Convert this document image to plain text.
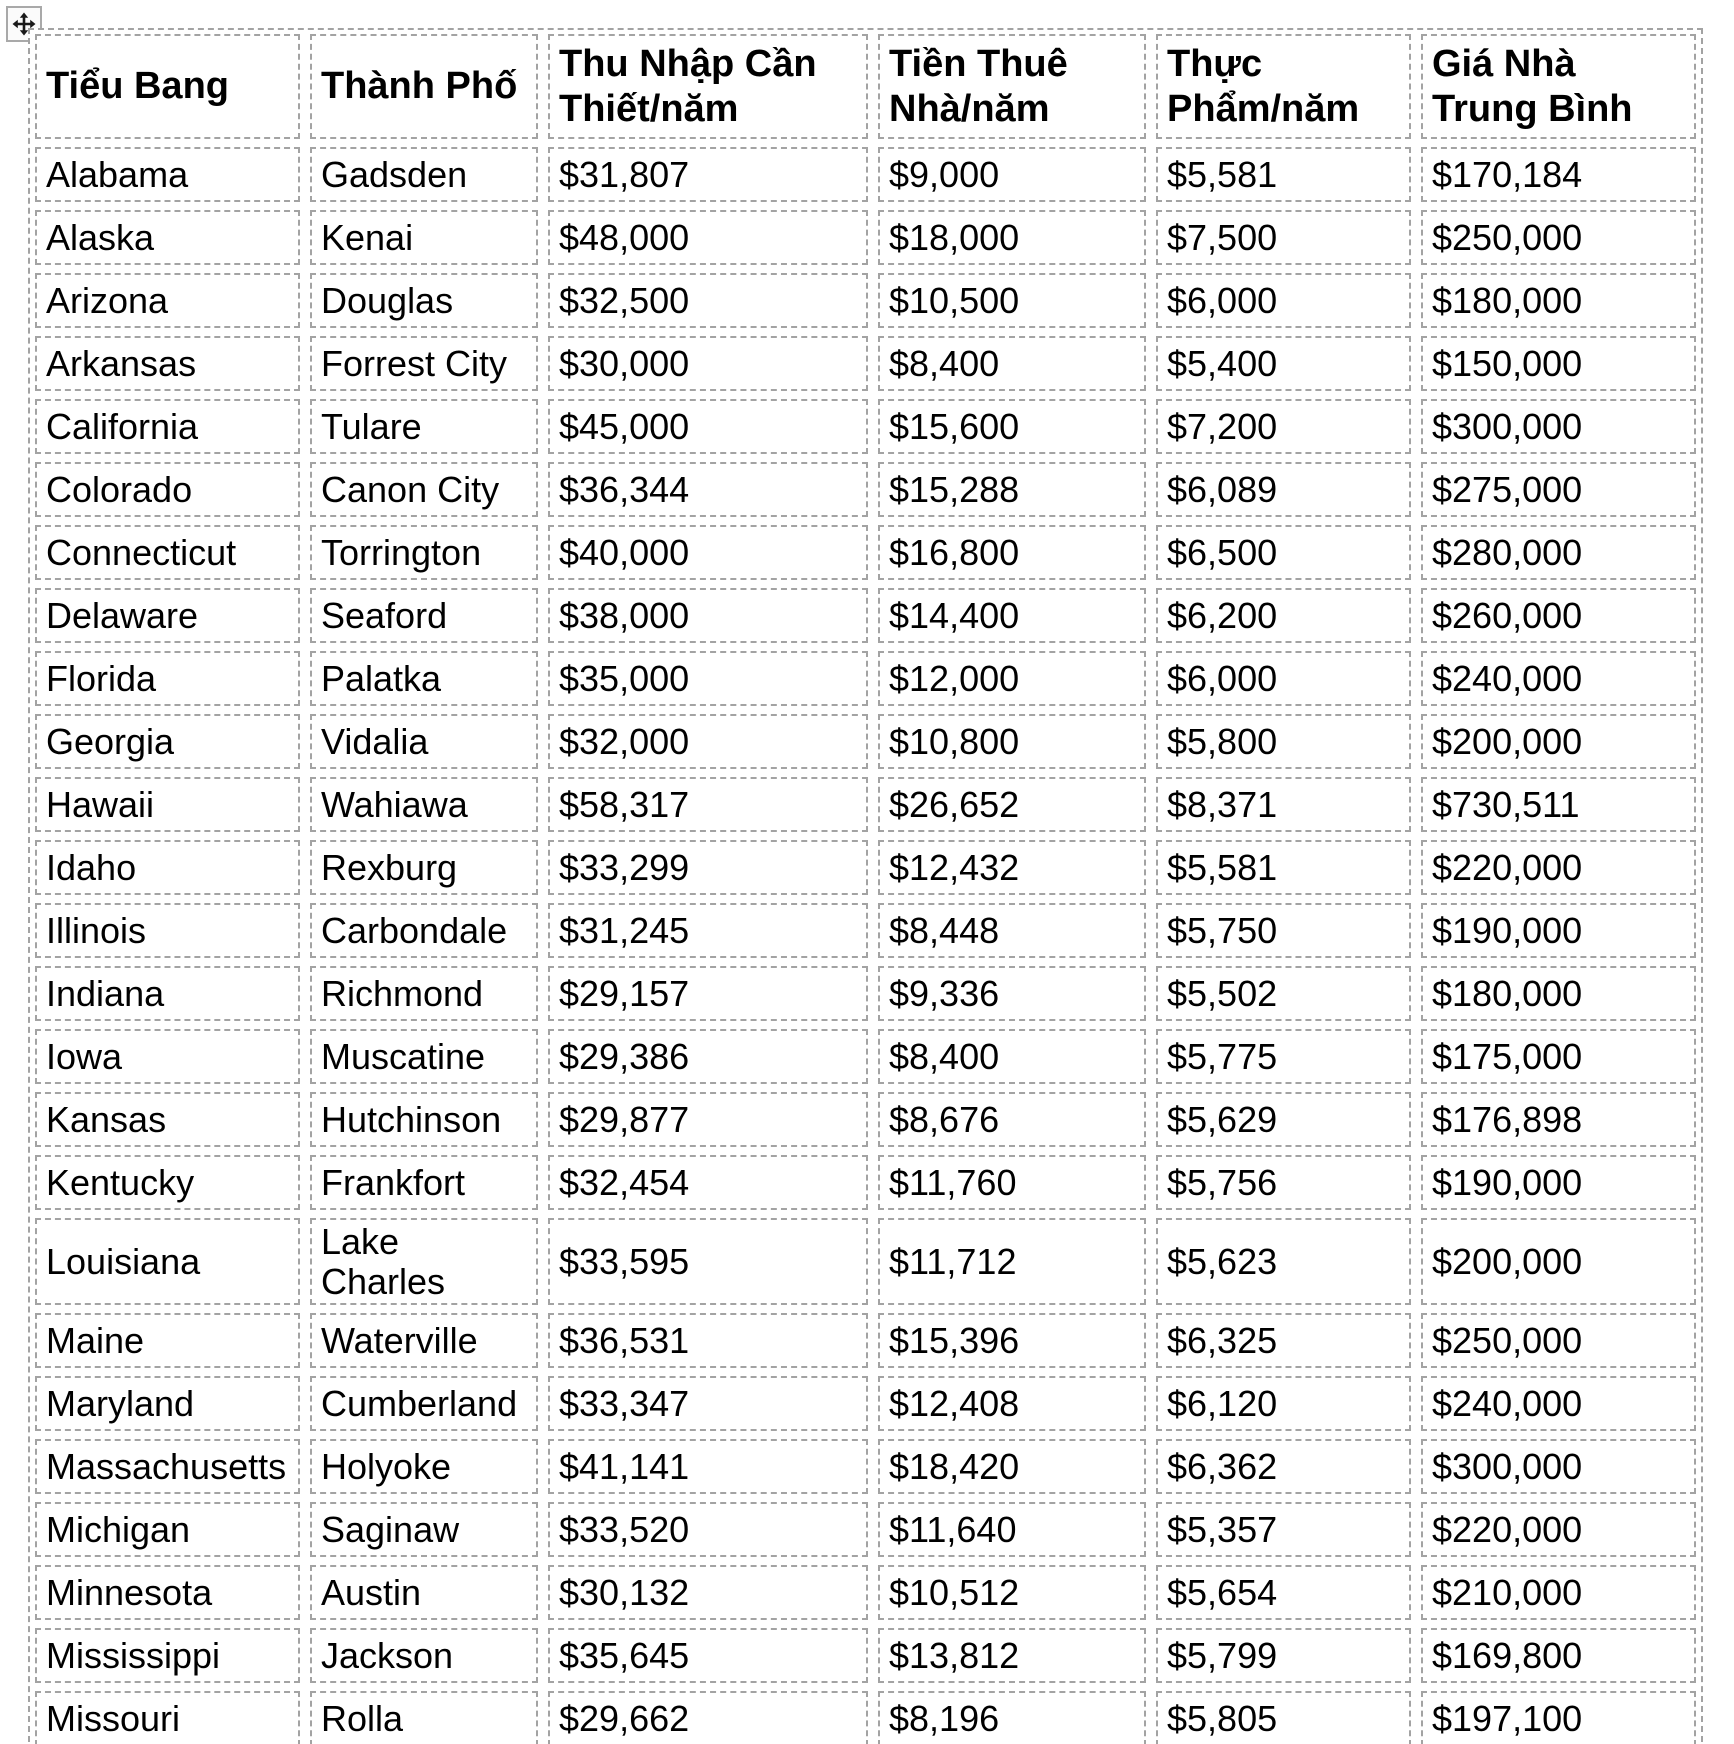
Tiểu Bang	Thành Phố	Thu Nhập Cần Thiết/năm	Tiền Thuê Nhà/năm	Thực Phẩm/năm	Giá Nhà Trung Bình
Alabama	Gadsden	$31,807	$9,000	$5,581	$170,184
Alaska	Kenai	$48,000	$18,000	$7,500	$250,000
Arizona	Douglas	$32,500	$10,500	$6,000	$180,000
Arkansas	Forrest City	$30,000	$8,400	$5,400	$150,000
California	Tulare	$45,000	$15,600	$7,200	$300,000
Colorado	Canon City	$36,344	$15,288	$6,089	$275,000
Connecticut	Torrington	$40,000	$16,800	$6,500	$280,000
Delaware	Seaford	$38,000	$14,400	$6,200	$260,000
Florida	Palatka	$35,000	$12,000	$6,000	$240,000
Georgia	Vidalia	$32,000	$10,800	$5,800	$200,000
Hawaii	Wahiawa	$58,317	$26,652	$8,371	$730,511
Idaho	Rexburg	$33,299	$12,432	$5,581	$220,000
Illinois	Carbondale	$31,245	$8,448	$5,750	$190,000
Indiana	Richmond	$29,157	$9,336	$5,502	$180,000
Iowa	Muscatine	$29,386	$8,400	$5,775	$175,000
Kansas	Hutchinson	$29,877	$8,676	$5,629	$176,898
Kentucky	Frankfort	$32,454	$11,760	$5,756	$190,000
Louisiana	Lake Charles	$33,595	$11,712	$5,623	$200,000
Maine	Waterville	$36,531	$15,396	$6,325	$250,000
Maryland	Cumberland	$33,347	$12,408	$6,120	$240,000
Massachusetts	Holyoke	$41,141	$18,420	$6,362	$300,000
Michigan	Saginaw	$33,520	$11,640	$5,357	$220,000
Minnesota	Austin	$30,132	$10,512	$5,654	$210,000
Mississippi	Jackson	$35,645	$13,812	$5,799	$169,800
Missouri	Rolla	$29,662	$8,196	$5,805	$197,100
